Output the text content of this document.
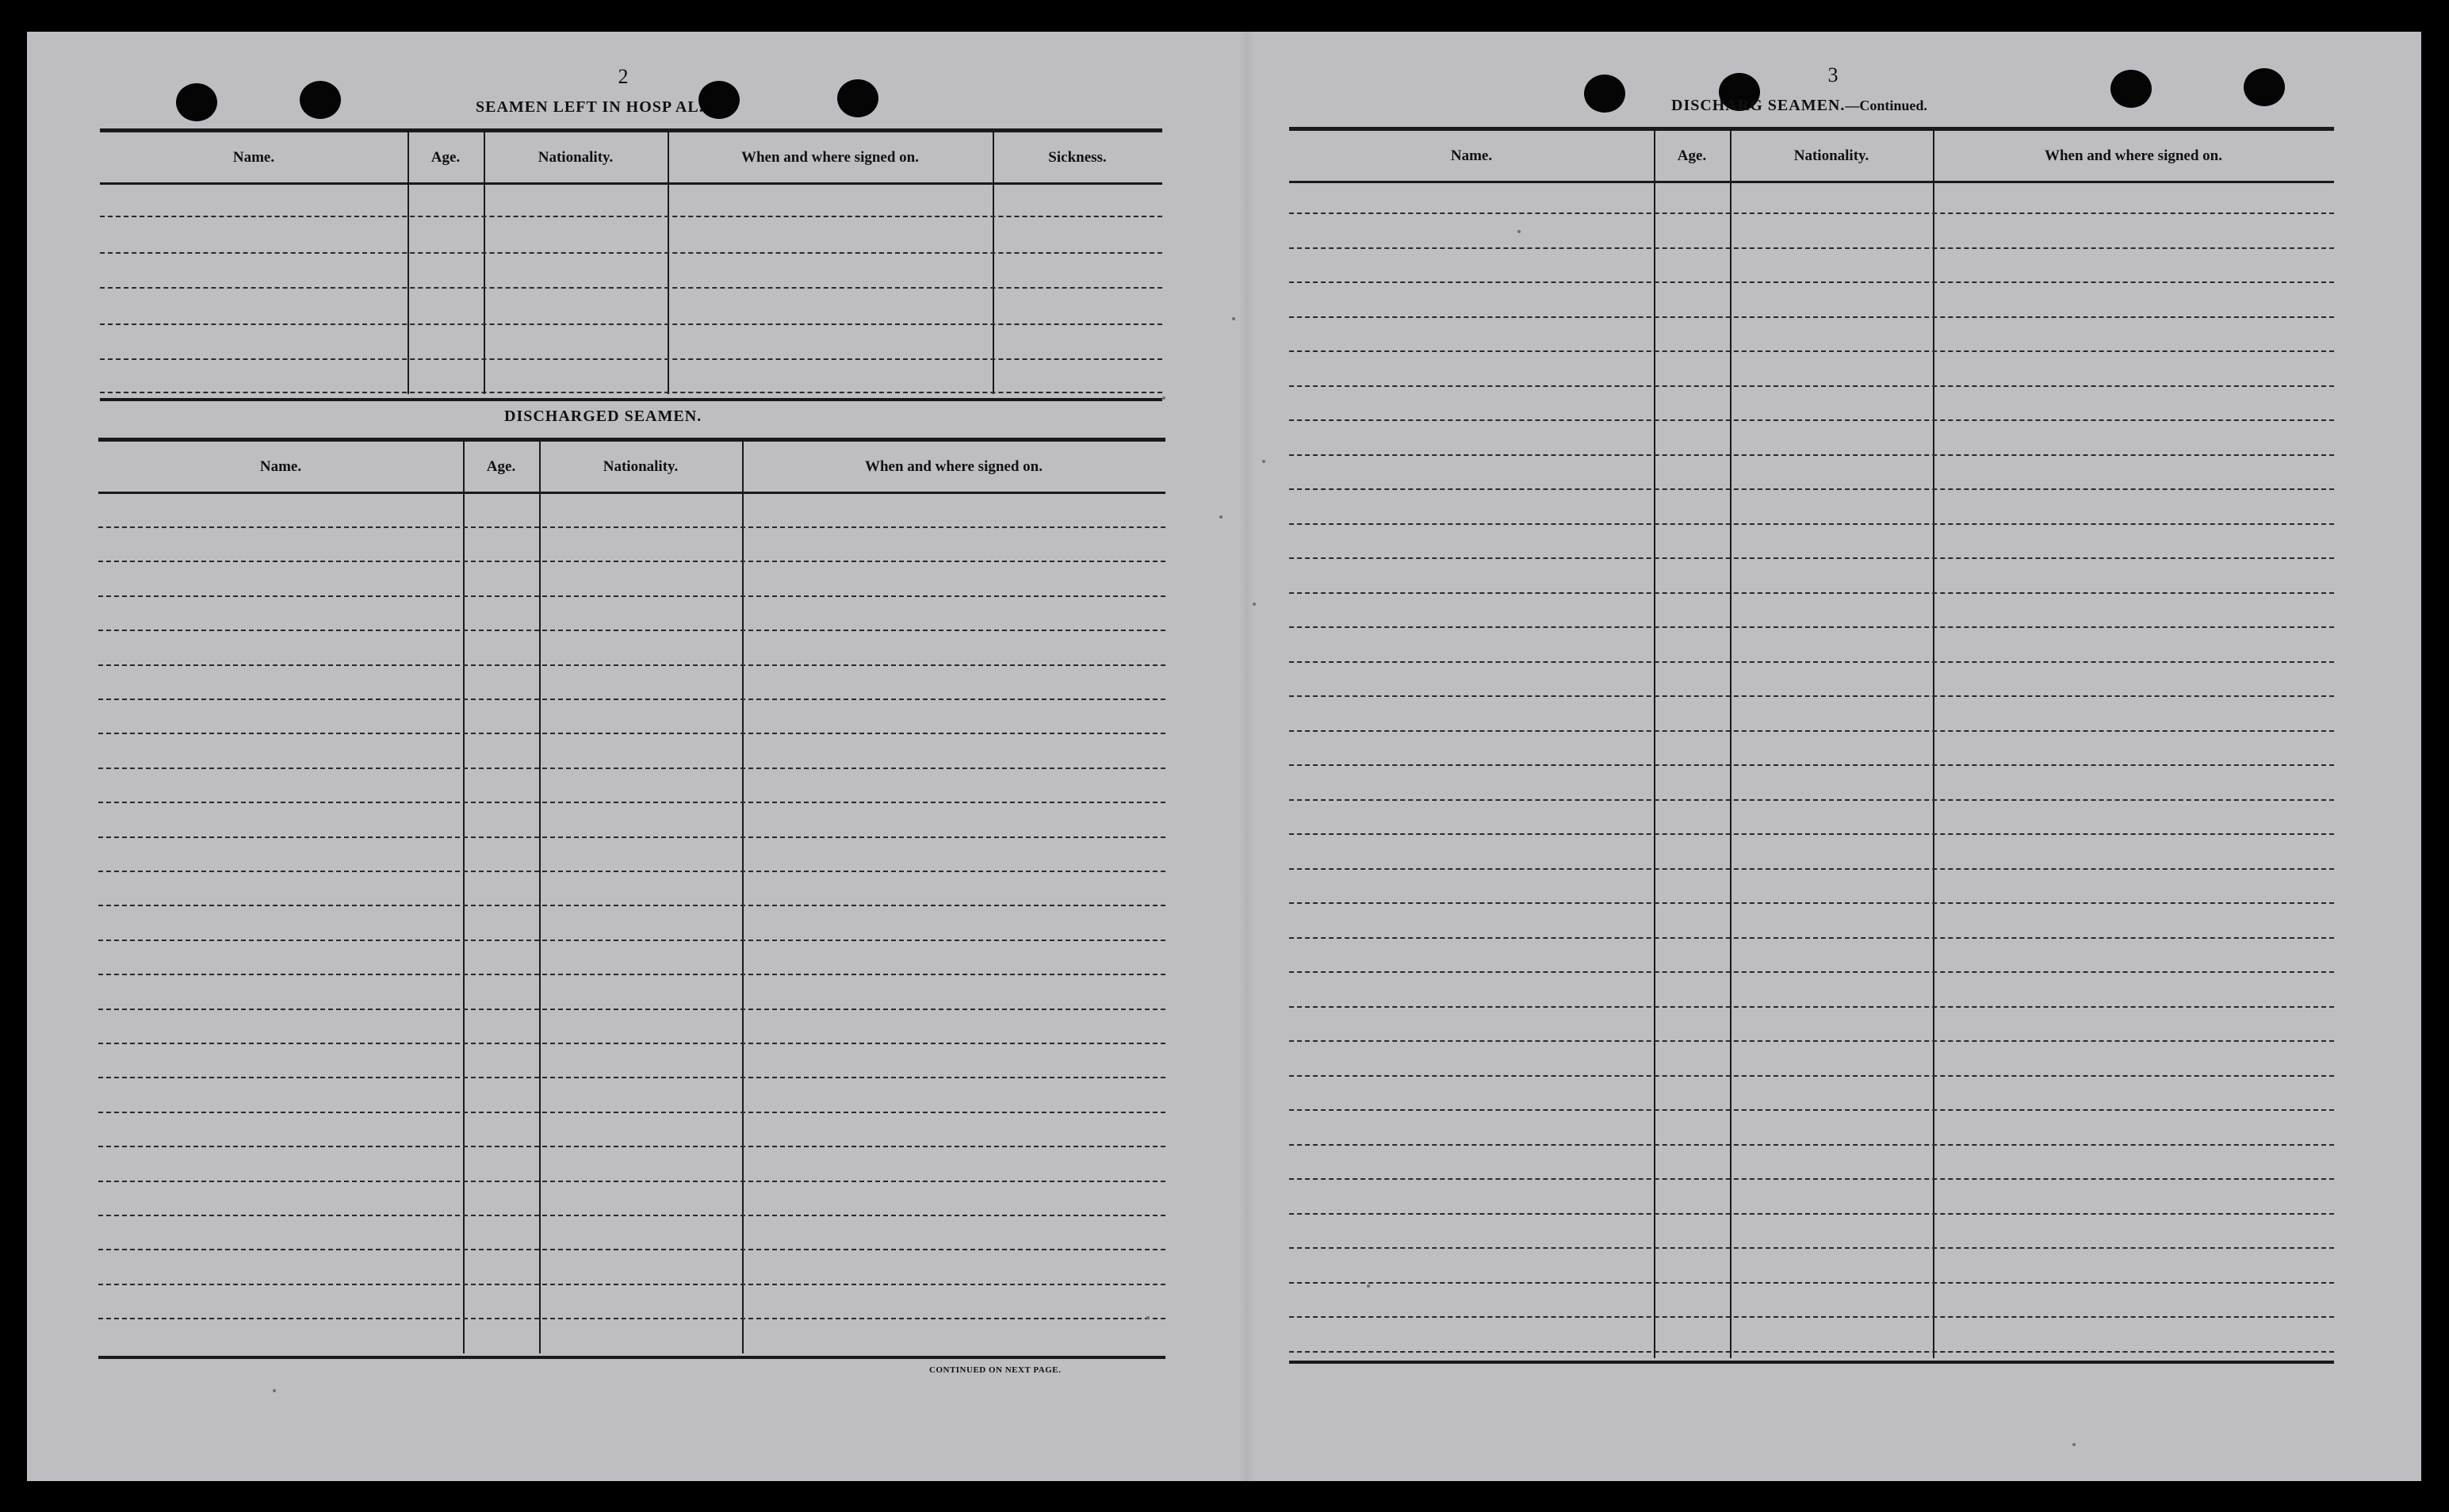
2
SEAMEN LEFT IN HOSP AL.
Name.	Age.	Nationality.	When and where signed on.	Sickness.
DISCHARGED SEAMEN.
Name.	Age.	Nationality.	When and where signed on.
CONTINUED ON NEXT PAGE.
3
DISCHARG SEAMEN.—Continued.
Name.	Age.	Nationality.	When and where signed on.
